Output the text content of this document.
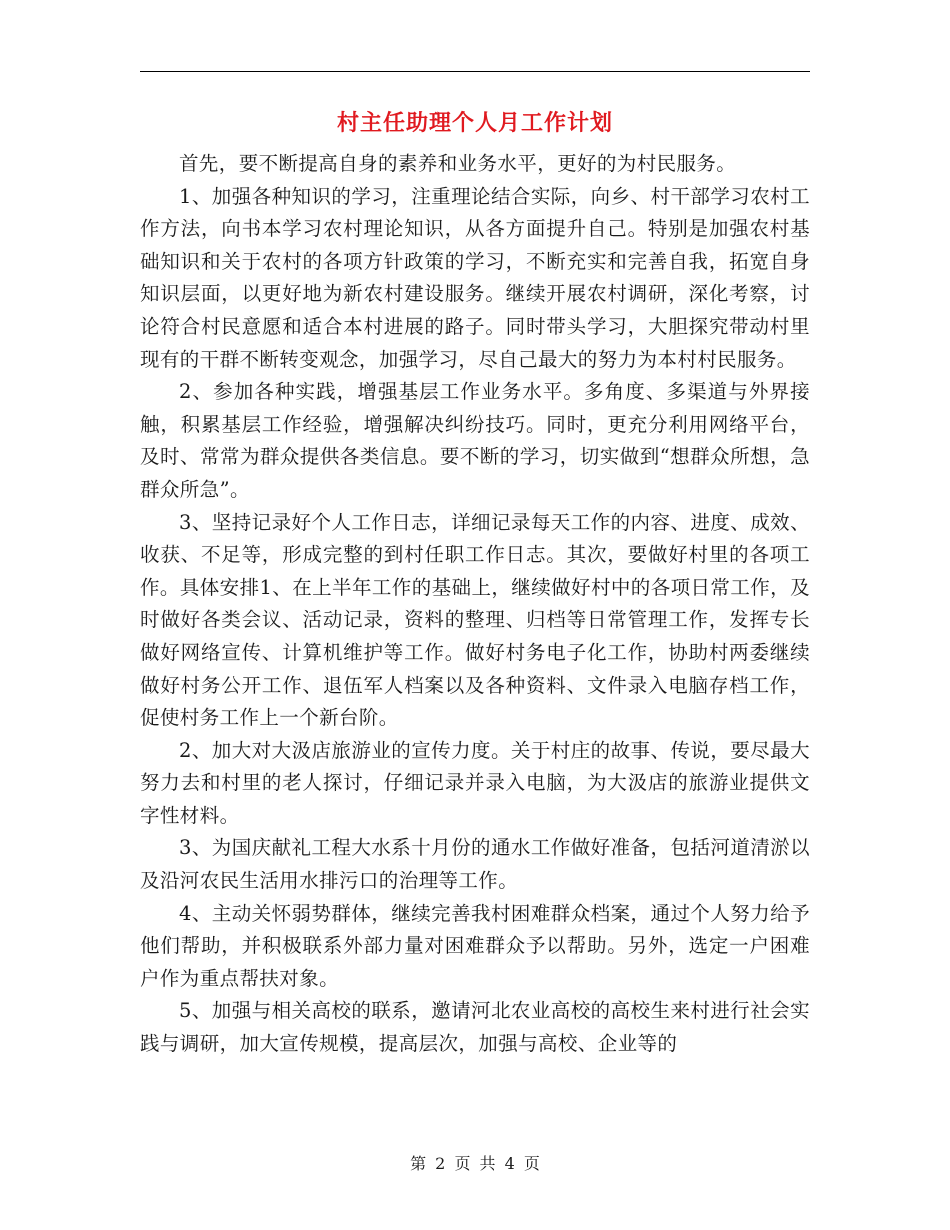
村主任助理个人月工作计划

首先，要不断提高自身的素养和业务水平，更好的为村民服务。

1、加强各种知识的学习，注重理论结合实际，向乡、村干部学习农村工作方法，向书本学习农村理论知识，从各方面提升自己。特别是加强农村基础知识和关于农村的各项方针政策的学习，不断充实和完善自我，拓宽自身知识层面，以更好地为新农村建设服务。继续开展农村调研，深化考察，讨论符合村民意愿和适合本村进展的路子。同时带头学习，大胆探究带动村里现有的干群不断转变观念，加强学习，尽自己最大的努力为本村村民服务。

2、参加各种实践，增强基层工作业务水平。多角度、多渠道与外界接触，积累基层工作经验，增强解决纠纷技巧。同时，更充分利用网络平台，及时、常常为群众提供各类信息。要不断的学习，切实做到“想群众所想，急群众所急”。

3、坚持记录好个人工作日志，详细记录每天工作的内容、进度、成效、收获、不足等，形成完整的到村任职工作日志。其次，要做好村里的各项工作。具体安排1、在上半年工作的基础上，继续做好村中的各项日常工作，及时做好各类会议、活动记录，资料的整理、归档等日常管理工作，发挥专长做好网络宣传、计算机维护等工作。做好村务电子化工作，协助村两委继续做好村务公开工作、退伍军人档案以及各种资料、文件录入电脑存档工作，促使村务工作上一个新台阶。

2、加大对大汲店旅游业的宣传力度。关于村庄的故事、传说，要尽最大努力去和村里的老人探讨，仔细记录并录入电脑，为大汲店的旅游业提供文字性材料。

3、为国庆献礼工程大水系十月份的通水工作做好准备，包括河道清淤以及沿河农民生活用水排污口的治理等工作。

4、主动关怀弱势群体，继续完善我村困难群众档案，通过个人努力给予他们帮助，并积极联系外部力量对困难群众予以帮助。另外，选定一户困难户作为重点帮扶对象。

5、加强与相关高校的联系，邀请河北农业高校的高校生来村进行社会实践与调研，加大宣传规模，提高层次，加强与高校、企业等的

第 2 页 共 4 页
